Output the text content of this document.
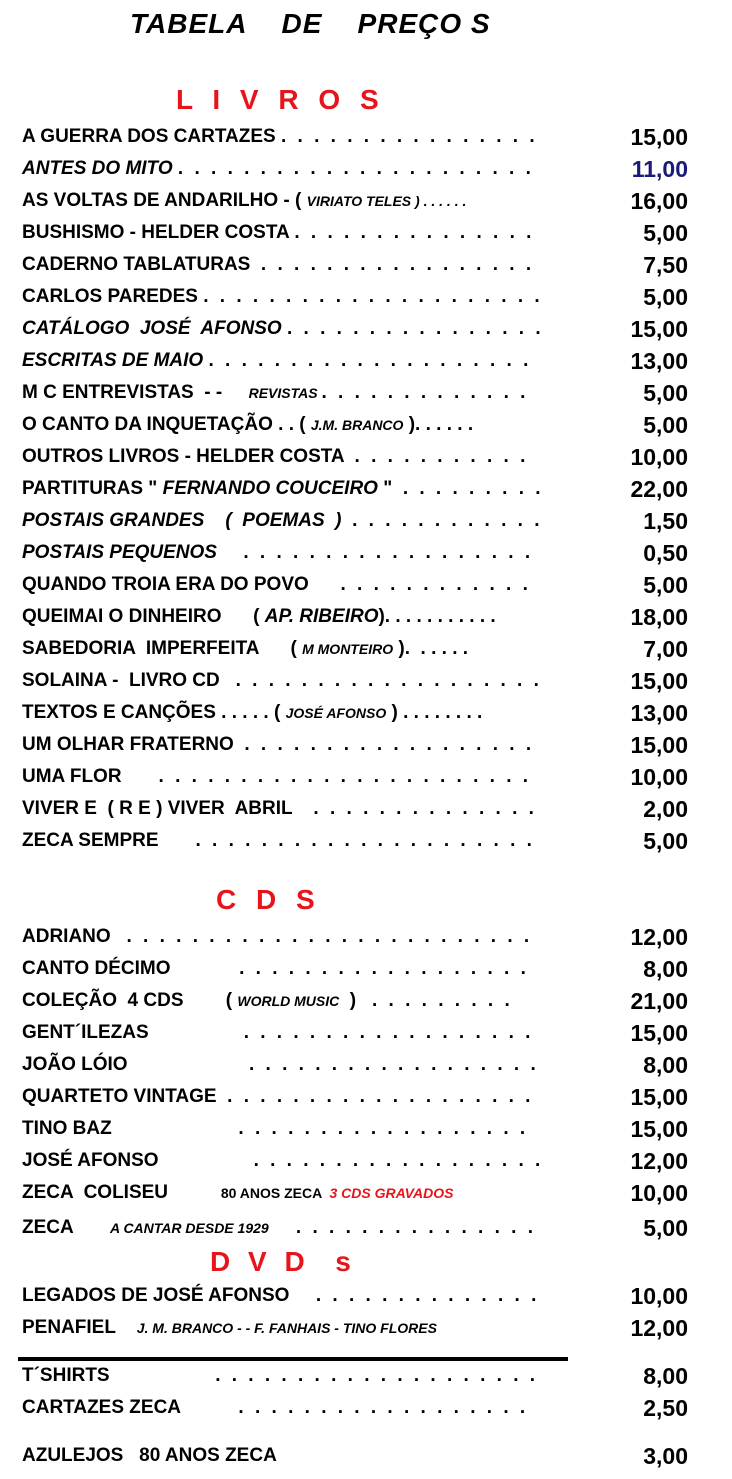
TABELA    DE    PREÇO S
L I V R O S
A GUERRA DOS CARTAZES . . . . . . . . . . . . . . . .	15,00
ANTES DO MITO . . . . . . . . . . . . . . . . . . . . . .	11,00
AS VOLTAS DE ANDARILHO - ( VIRIATO TELES ) . . . . . .	16,00
BUSHISMO - HELDER COSTA . . . . . . . . . . . . . . .	5,00
CADERNO TABLATURAS . . . . . . . . . . . . . . . . .	7,50
CARLOS PAREDES . . . . . . . . . . . . . . . . . . . . .	5,00
CATÁLOGO  JOSÉ  AFONSO . . . . . . . . . . . . . . . .	15,00
ESCRITAS DE MAIO . . . . . . . . . . . . . . . . . . . .	13,00
M C ENTREVISTAS  - -     REVISTAS . . . . . . . . . . . . .	5,00
O CANTO DA INQUETAÇÃO . . ( J.M. BRANCO ). . . . . .	5,00
OUTROS LIVROS - HELDER COSTA . . . . . . . . . . .	10,00
PARTITURAS " FERNANDO COUCEIRO " . . . . . . . . .	22,00
POSTAIS GRANDES    (  POEMAS  ) . . . . . . . . . . . .	1,50
POSTAIS PEQUENOS . . . . . . . . . . . . . . . . . .	0,50
QUANDO TROIA ERA DO POVO . . . . . . . . . . . .	5,00
QUEIMAI O DINHEIRO      ( AP. RIBEIRO). . . . . . . . . . .	18,00
SABEDORIA  IMPERFEITA      ( M MONTEIRO ).  . . . . .	7,00
SOLAINA -  LIVRO CD . . . . . . . . . . . . . . . . . . .	15,00
TEXTOS E CANÇÕES . . . . . ( JOSÉ AFONSO ) . . . . . . . .	13,00
UM OLHAR FRATERNO . . . . . . . . . . . . . . . . . .	15,00
UMA FLOR . . . . . . . . . . . . . . . . . . . . . . .	10,00
VIVER E  ( R E ) VIVER  ABRIL . . . . . . . . . . . . . .	2,00
ZECA SEMPRE . . . . . . . . . . . . . . . . . . . . .	5,00
C D S
ADRIANO . . . . . . . . . . . . . . . . . . . . . . . . .	12,00
CANTO DÉCIMO . . . . . . . . . . . . . . . . . .	8,00
COLEÇÃO  4 CDS        ( WORLD MUSIC  ) . . . . . . . . .	21,00
GENT´ILEZAS . . . . . . . . . . . . . . . . . .	15,00
JOÃO LÓIO . . . . . . . . . . . . . . . . . .	8,00
QUARTETO VINTAGE . . . . . . . . . . . . . . . . . . .	15,00
TINO BAZ . . . . . . . . . . . . . . . . . .	15,00
JOSÉ AFONSO . . . . . . . . . . . . . . . . . .	12,00
ZECA  COLISEU          80 ANOS ZECA  3 CDS GRAVADOS	10,00
ZECA       A CANTAR DESDE 1929 . . . . . . . . . . . . . . .	5,00
D V D  s
LEGADOS DE JOSÉ AFONSO . . . . . . . . . . . . . .	10,00
PENAFIEL    J. M. BRANCO - - F. FANHAIS - TINO FLORES	12,00
T´SHIRTS . . . . . . . . . . . . . . . . . . . .	8,00
CARTAZES ZECA . . . . . . . . . . . . . . . . . .	2,50
AZULEJOS   80 ANOS ZECA	3,00
